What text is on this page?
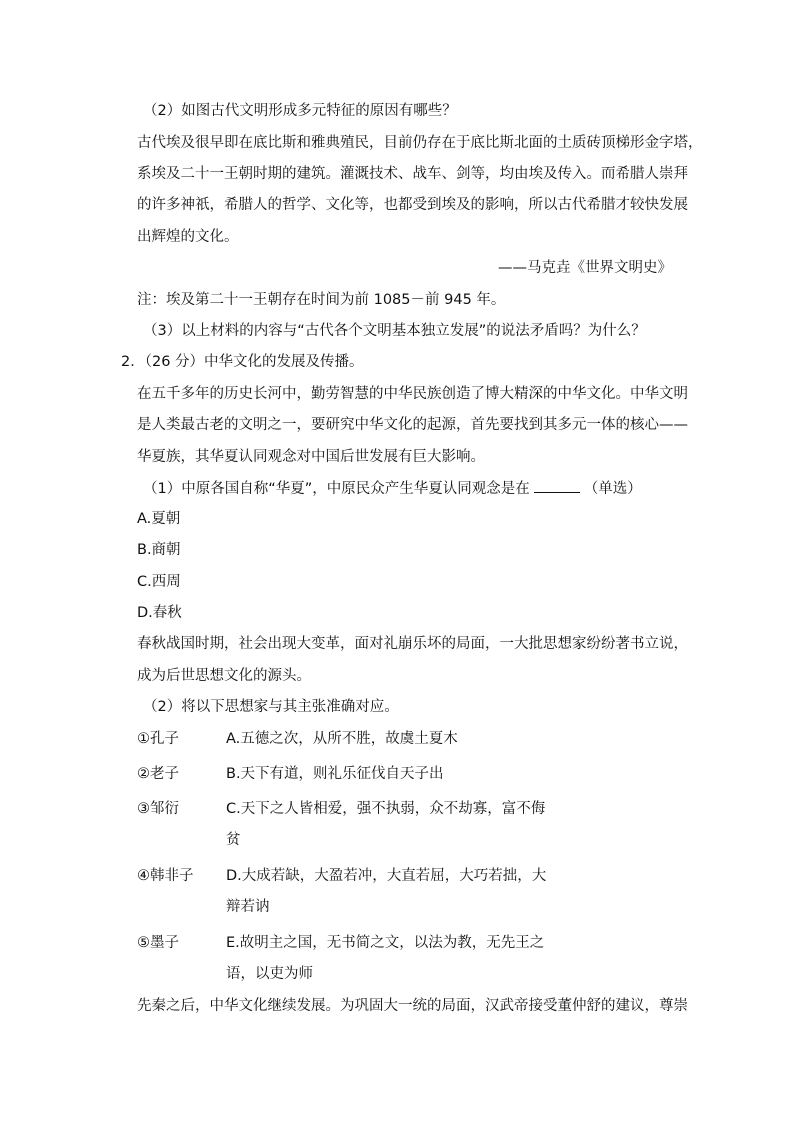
（2）如图古代文明形成多元特征的原因有哪些？
古代埃及很早即在底比斯和雅典殖民，目前仍存在于底比斯北面的土质砖顶梯形金字塔，
系埃及二十一王朝时期的建筑。灌溉技术、战车、剑等，均由埃及传入。而希腊人崇拜
的许多神祇，希腊人的哲学、文化等，也都受到埃及的影响，所以古代希腊才较快发展
出辉煌的文化。
——马克垚《世界文明史》
注：埃及第二十一王朝存在时间为前 1085－前 945 年。
（3）以上材料的内容与“古代各个文明基本独立发展”的说法矛盾吗？为什么？
2．（26 分）中华文化的发展及传播。
在五千多年的历史长河中，勤劳智慧的中华民族创造了博大精深的中华文化。中华文明
是人类最古老的文明之一，要研究中华文化的起源，首先要找到其多元一体的核心——
华夏族，其华夏认同观念对中国后世发展有巨大影响。
（1）中原各国自称“华夏”，中原民众产生华夏认同观念是在	（单选）
A.夏朝
B.商朝
C.西周
D.春秋
春秋战国时期，社会出现大变革，面对礼崩乐坏的局面，一大批思想家纷纷著书立说，
成为后世思想文化的源头。
（2）将以下思想家与其主张准确对应。
①孔子	A.五德之次，从所不胜，故虞土夏木
②老子	B.天下有道，则礼乐征伐自天子出
③邹衍	C.天下之人皆相爱，强不执弱，众不劫寡，富不侮
贫
④韩非子 D.大成若缺，大盈若冲，大直若屈，大巧若拙，大
辩若讷
⑤墨子	E.故明主之国，无书简之文，以法为教，无先王之
语，以吏为师
先秦之后，中华文化继续发展。为巩固大一统的局面，汉武帝接受董仲舒的建议，尊崇
